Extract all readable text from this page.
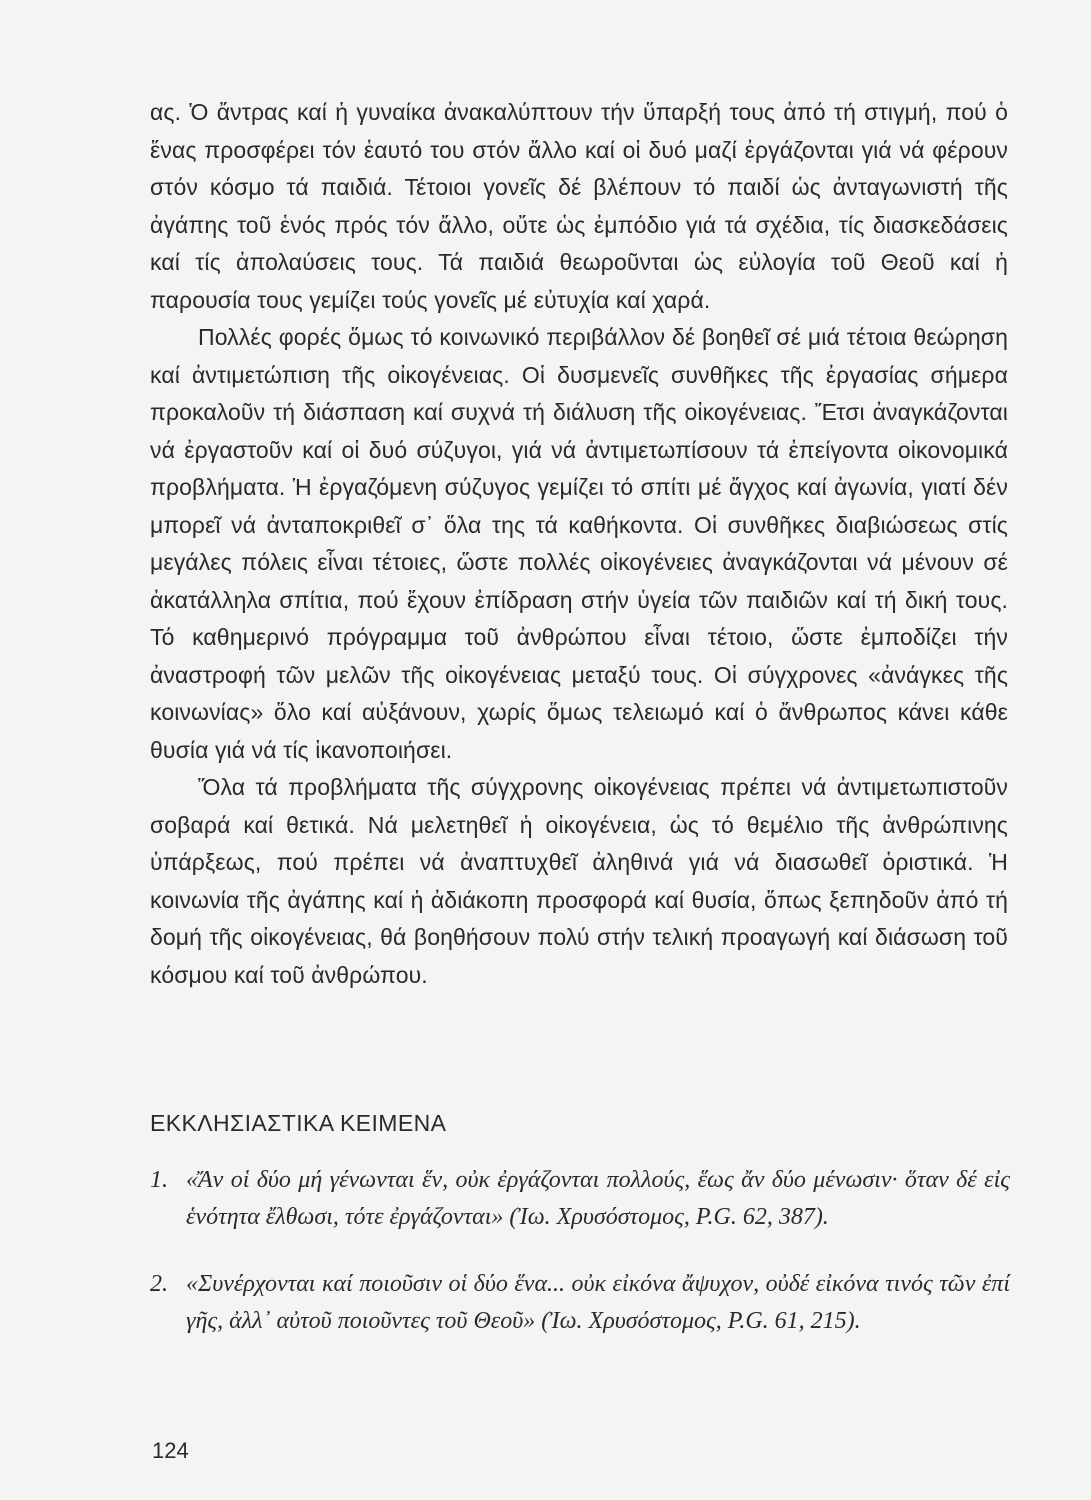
ας. Ὁ ἄντρας καί ἡ γυναίκα ἀνακαλύπτουν τήν ὕπαρξή τους ἀπό τή στιγμή, πού ὁ ἕνας προσφέρει τόν ἑαυτό του στόν ἄλλο καί οἱ δυό μαζί ἐργάζονται γιά νά φέρουν στόν κόσμο τά παιδιά. Τέτοιοι γονεῖς δέ βλέπουν τό παιδί ὡς ἀνταγωνιστή τῆς ἀγάπης τοῦ ἑνός πρός τόν ἄλλο, οὔτε ὡς ἐμπόδιο γιά τά σχέδια, τίς διασκεδάσεις καί τίς ἀπολαύσεις τους. Τά παιδιά θεωροῦνται ὡς εὐλογία τοῦ Θεοῦ καί ἡ παρουσία τους γεμίζει τούς γονεῖς μέ εὐτυχία καί χαρά.

Πολλές φορές ὅμως τό κοινωνικό περιβάλλον δέ βοηθεῖ σέ μιά τέτοια θεώρηση καί ἀντιμετώπιση τῆς οἰκογένειας. Οἱ δυσμενεῖς συνθῆκες τῆς ἐργασίας σήμερα προκαλοῦν τή διάσπαση καί συχνά τή διάλυση τῆς οἰκογένειας. Ἔτσι ἀναγκάζονται νά ἐργαστοῦν καί οἱ δυό σύζυγοι, γιά νά ἀντιμετωπίσουν τά ἐπείγοντα οἰκονομικά προβλήματα. Ἡ ἐργαζόμενη σύζυγος γεμίζει τό σπίτι μέ ἄγχος καί ἀγωνία, γιατί δέν μπορεῖ νά ἀνταποκριθεῖ σ᾽ ὅλα της τά καθήκοντα. Οἱ συνθῆκες διαβιώσεως στίς μεγάλες πόλεις εἶναι τέτοιες, ὥστε πολλές οἰκογένειες ἀναγκάζονται νά μένουν σέ ἀκατάλληλα σπίτια, πού ἔχουν ἐπίδραση στήν ὑγεία τῶν παιδιῶν καί τή δική τους. Τό καθημερινό πρόγραμμα τοῦ ἀνθρώπου εἶναι τέτοιο, ὥστε ἐμποδίζει τήν ἀναστροφή τῶν μελῶν τῆς οἰκογένειας μεταξύ τους. Οἱ σύγχρονες «ἀνάγκες τῆς κοινωνίας» ὅλο καί αὐξάνουν, χωρίς ὅμως τελειωμό καί ὁ ἄνθρωπος κάνει κάθε θυσία γιά νά τίς ἱκανοποιήσει.

Ὅλα τά προβλήματα τῆς σύγχρονης οἰκογένειας πρέπει νά ἀντιμετωπιστοῦν σοβαρά καί θετικά. Νά μελετηθεῖ ἡ οἰκογένεια, ὡς τό θεμέλιο τῆς ἀνθρώπινης ὑπάρξεως, πού πρέπει νά ἀναπτυχθεῖ ἀληθινά γιά νά διασωθεῖ ὁριστικά. Ἡ κοινωνία τῆς ἀγάπης καί ἡ ἀδιάκοπη προσφορά καί θυσία, ὅπως ξεπηδοῦν ἀπό τή δομή τῆς οἰκογένειας, θά βοηθήσουν πολύ στήν τελική προαγωγή καί διάσωση τοῦ κόσμου καί τοῦ ἀνθρώπου.

ΕΚΚΛΗΣΙΑΣΤΙΚΑ ΚΕΙΜΕΝΑ
1. «Ἄν οἱ δύο μή γένωνται ἕν, οὐκ ἐργάζονται πολλούς, ἕως ἄν δύο μένωσιν· ὅταν δέ εἰς ἑνότητα ἔλθωσι, τότε ἐργάζονται» (Ἰω. Χρυσόστομος, P.G. 62, 387).
2. «Συνέρχονται καί ποιοῦσιν οἱ δύο ἕνα... οὐκ εἰκόνα ἄψυχον, οὐδέ εἰκόνα τινός τῶν ἐπί γῆς, ἀλλ᾽ αὐτοῦ ποιοῦντες τοῦ Θεοῦ» (Ἰω. Χρυσόστομος, P.G. 61, 215).

124
